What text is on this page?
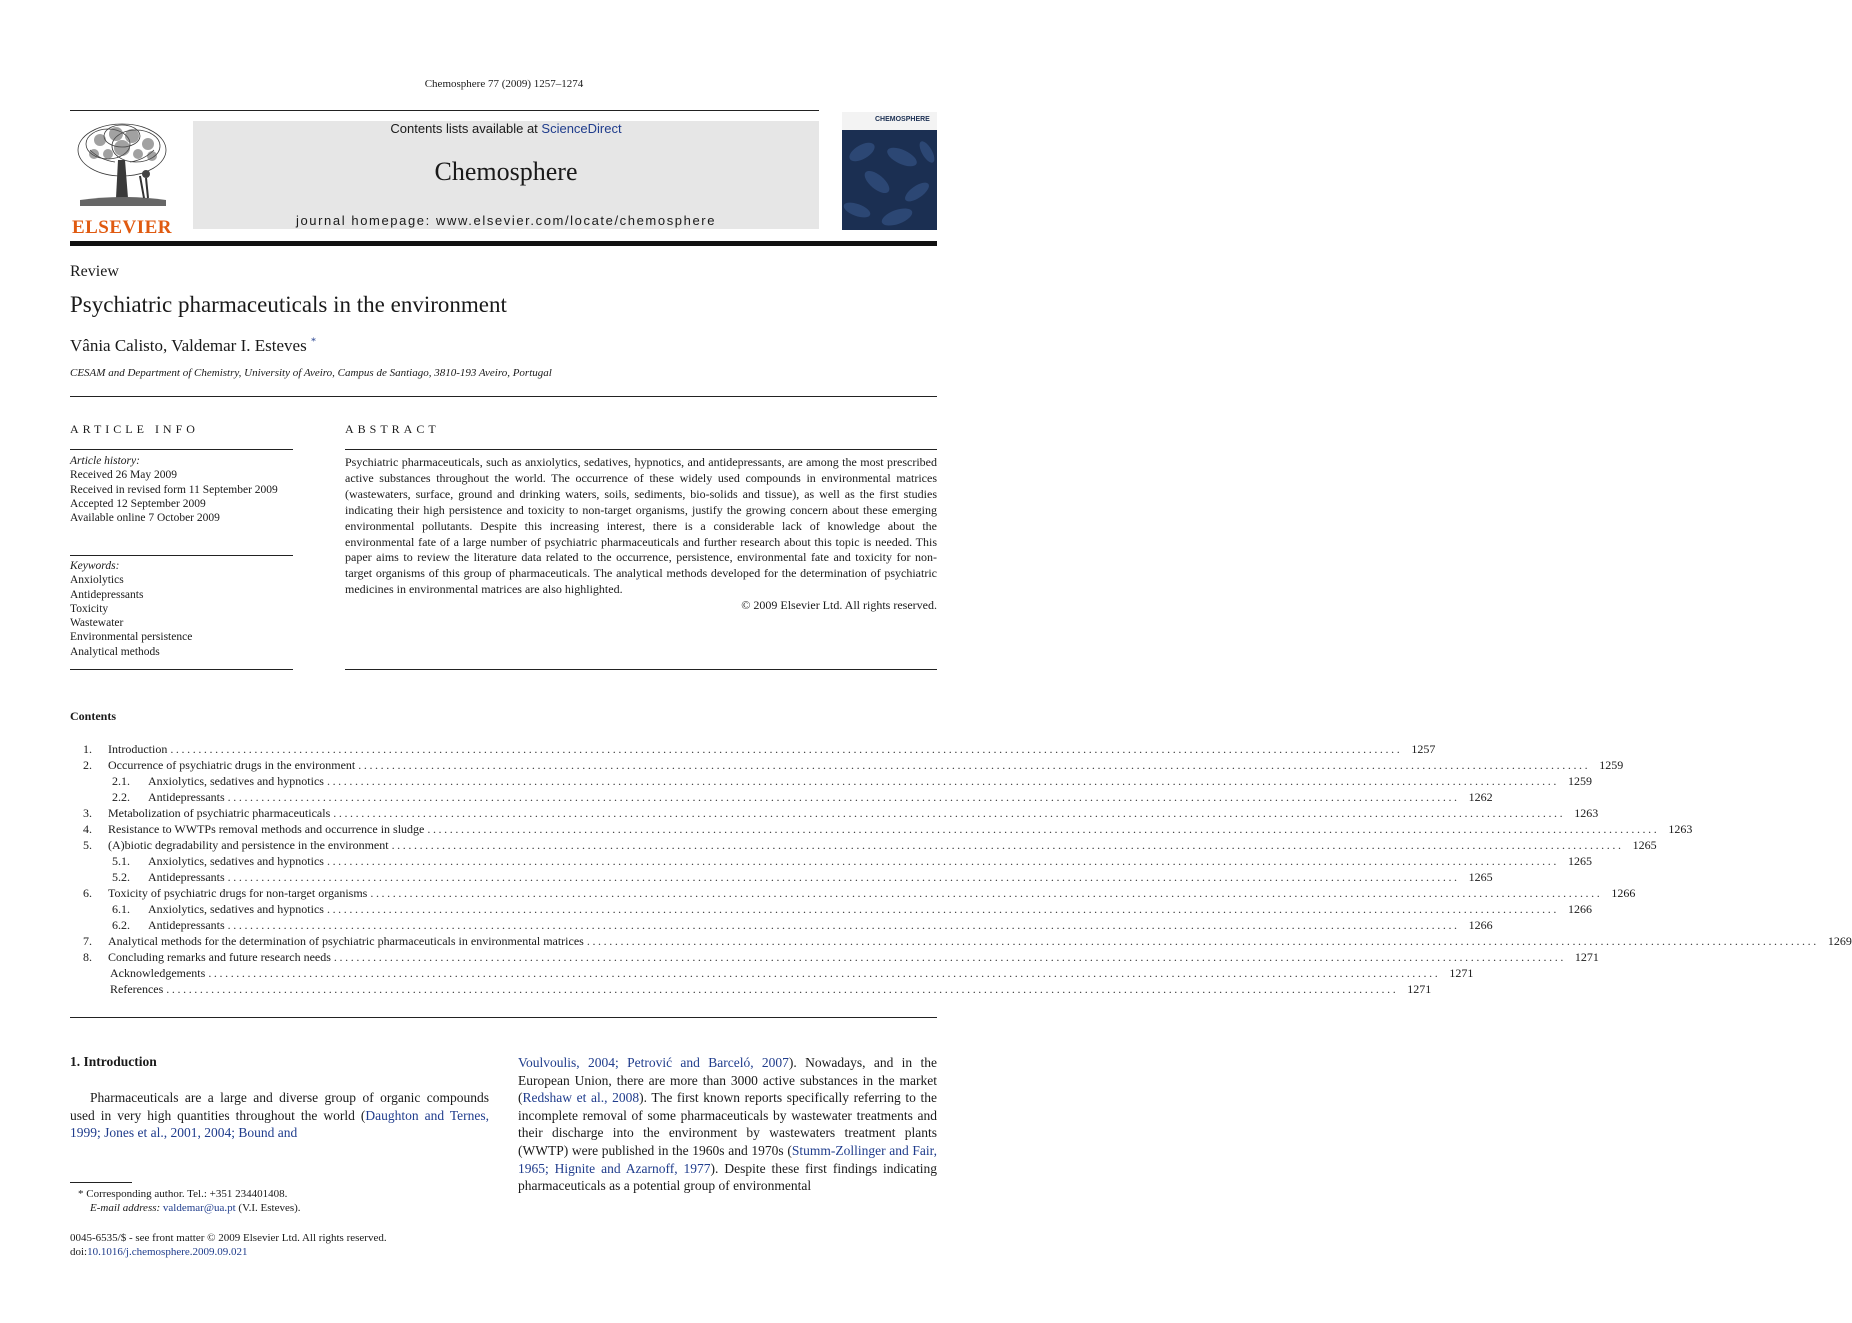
Chemosphere 77 (2009) 1257–1274
ELSEVIER
Contents lists available at ScienceDirect
Chemosphere
journal homepage: www.elsevier.com/locate/chemosphere
CHEMOSPHERE
Review
Psychiatric pharmaceuticals in the environment
Vânia Calisto, Valdemar I. Esteves *
CESAM and Department of Chemistry, University of Aveiro, Campus de Santiago, 3810-193 Aveiro, Portugal
ARTICLE INFO
Article history:
Received 26 May 2009
Received in revised form 11 September 2009
Accepted 12 September 2009
Available online 7 October 2009
Keywords:
Anxiolytics
Antidepressants
Toxicity
Wastewater
Environmental persistence
Analytical methods
ABSTRACT
Psychiatric pharmaceuticals, such as anxiolytics, sedatives, hypnotics, and antidepressants, are among the most prescribed active substances throughout the world. The occurrence of these widely used compounds in environmental matrices (wastewaters, surface, ground and drinking waters, soils, sediments, bio-solids and tissue), as well as the first studies indicating their high persistence and toxicity to non-target organisms, justify the growing concern about these emerging environmental pollutants. Despite this increasing interest, there is a considerable lack of knowledge about the environmental fate of a large number of psychiatric pharmaceuticals and further research about this topic is needed. This paper aims to review the literature data related to the occurrence, persistence, environmental fate and toxicity for non-target organisms of this group of pharmaceuticals. The analytical methods developed for the determination of psychiatric medicines in environmental matrices are also highlighted.
© 2009 Elsevier Ltd. All rights reserved.
Contents
1. Introduction ............................................................................................................................................................................................................................ 1257
2. Occurrence of psychiatric drugs in the environment ............................................................................................................................................................................................................................ 1259
2.1. Anxiolytics, sedatives and hypnotics ............................................................................................................................................................................................................................ 1259
2.2. Antidepressants ............................................................................................................................................................................................................................ 1262
3. Metabolization of psychiatric pharmaceuticals ............................................................................................................................................................................................................................ 1263
4. Resistance to WWTPs removal methods and occurrence in sludge ............................................................................................................................................................................................................................ 1263
5. (A)biotic degradability and persistence in the environment ............................................................................................................................................................................................................................ 1265
5.1. Anxiolytics, sedatives and hypnotics ............................................................................................................................................................................................................................ 1265
5.2. Antidepressants ............................................................................................................................................................................................................................ 1265
6. Toxicity of psychiatric drugs for non-target organisms ............................................................................................................................................................................................................................ 1266
6.1. Anxiolytics, sedatives and hypnotics ............................................................................................................................................................................................................................ 1266
6.2. Antidepressants ............................................................................................................................................................................................................................ 1266
7. Analytical methods for the determination of psychiatric pharmaceuticals in environmental matrices ............................................................................................................................................................................................................................ 1269
8. Concluding remarks and future research needs ............................................................................................................................................................................................................................ 1271
Acknowledgements ............................................................................................................................................................................................................................ 1271
References ............................................................................................................................................................................................................................ 1271
1. Introduction
Pharmaceuticals are a large and diverse group of organic compounds used in very high quantities throughout the world (Daughton and Ternes, 1999; Jones et al., 2001, 2004; Bound and
Voulvoulis, 2004; Petrović and Barceló, 2007). Nowadays, and in the European Union, there are more than 3000 active substances in the market (Redshaw et al., 2008). The first known reports specifically referring to the incomplete removal of some pharmaceuticals by wastewater treatments and their discharge into the environment by wastewaters treatment plants (WWTP) were published in the 1960s and 1970s (Stumm-Zollinger and Fair, 1965; Hignite and Azarnoff, 1977). Despite these first findings indicating pharmaceuticals as a potential group of environmental
* Corresponding author. Tel.: +351 234401408.
E-mail address: valdemar@ua.pt (V.I. Esteves).
0045-6535/$ - see front matter © 2009 Elsevier Ltd. All rights reserved.
doi:10.1016/j.chemosphere.2009.09.021
